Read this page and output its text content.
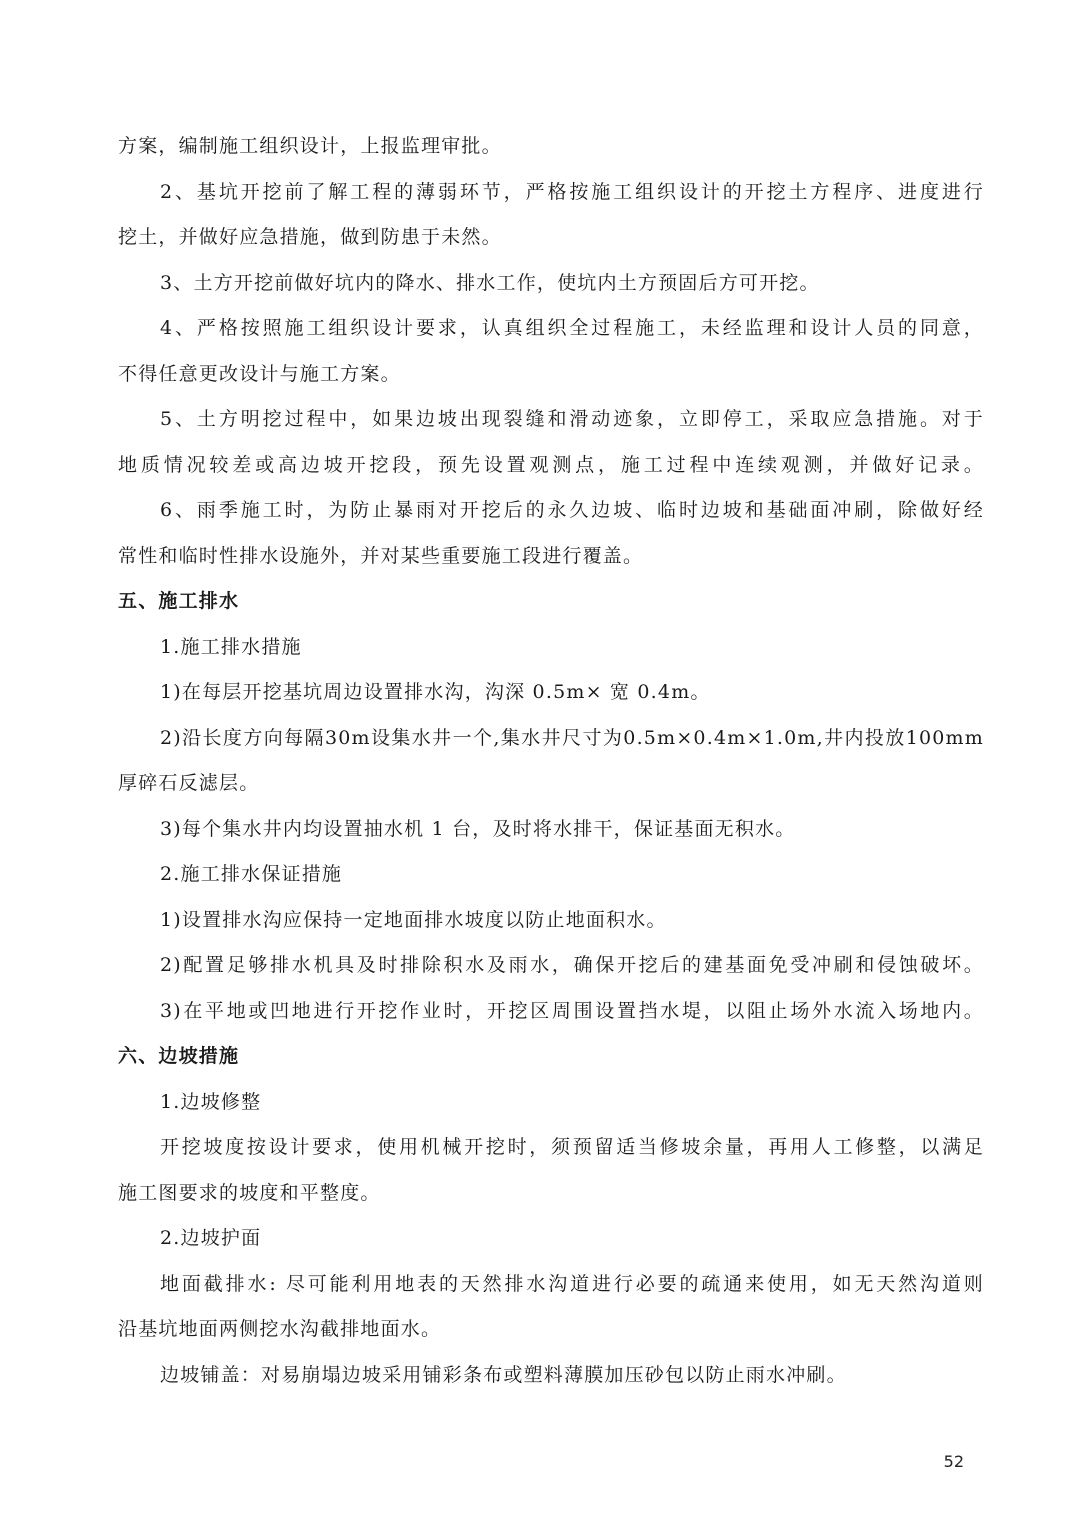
方案，编制施工组织设计，上报监理审批。
2、基坑开挖前了解工程的薄弱环节，严格按施工组织设计的开挖土方程序、进度进行
挖土，并做好应急措施，做到防患于未然。
3、土方开挖前做好坑内的降水、排水工作，使坑内土方预固后方可开挖。
4、严格按照施工组织设计要求，认真组织全过程施工，未经监理和设计人员的同意，
不得任意更改设计与施工方案。
5、土方明挖过程中，如果边坡出现裂缝和滑动迹象，立即停工，采取应急措施。对于
地质情况较差或高边坡开挖段，预先设置观测点，施工过程中连续观测，并做好记录。
6、雨季施工时，为防止暴雨对开挖后的永久边坡、临时边坡和基础面冲刷，除做好经
常性和临时性排水设施外，并对某些重要施工段进行覆盖。
五、施工排水
1.施工排水措施
1)在每层开挖基坑周边设置排水沟，沟深 0.5m× 宽 0.4m。
2)沿长度方向每隔30m设集水井一个,集水井尺寸为0.5m×0.4m×1.0m,井内投放100mm
厚碎石反滤层。
3)每个集水井内均设置抽水机 1 台，及时将水排干，保证基面无积水。
2.施工排水保证措施
1)设置排水沟应保持一定地面排水坡度以防止地面积水。
2)配置足够排水机具及时排除积水及雨水，确保开挖后的建基面免受冲刷和侵蚀破坏。
3)在平地或凹地进行开挖作业时，开挖区周围设置挡水堤，以阻止场外水流入场地内。
六、边坡措施
1.边坡修整
开挖坡度按设计要求，使用机械开挖时，须预留适当修坡余量，再用人工修整，以满足
施工图要求的坡度和平整度。
2.边坡护面
地面截排水: 尽可能利用地表的天然排水沟道进行必要的疏通来使用，如无天然沟道则
沿基坑地面两侧挖水沟截排地面水。
边坡铺盖：对易崩塌边坡采用铺彩条布或塑料薄膜加压砂包以防止雨水冲刷。
52
